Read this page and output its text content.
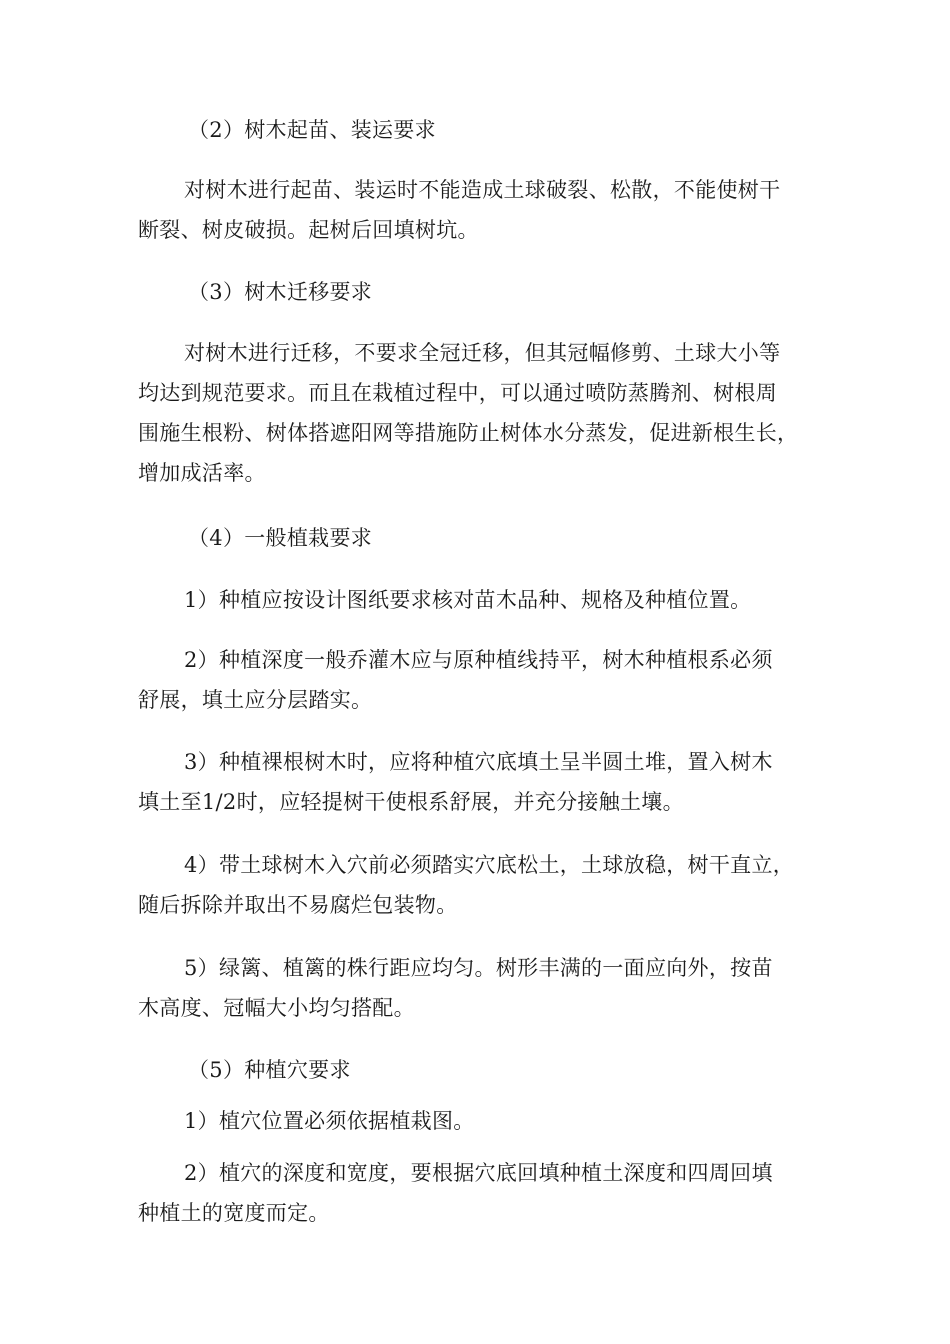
（2）树木起苗、装运要求
对树木进行起苗、装运时不能造成土球破裂、松散，不能使树干
断裂、树皮破损。起树后回填树坑。
（3）树木迁移要求
对树木进行迁移，不要求全冠迁移，但其冠幅修剪、土球大小等
均达到规范要求。而且在栽植过程中，可以通过喷防蒸腾剂、树根周
围施生根粉、树体搭遮阳网等措施防止树体水分蒸发，促进新根生长，
增加成活率。
（4）一般植栽要求
1）种植应按设计图纸要求核对苗木品种、规格及种植位置。
2）种植深度一般乔灌木应与原种植线持平，树木种植根系必须
舒展，填土应分层踏实。
3）种植裸根树木时，应将种植穴底填土呈半圆土堆，置入树木
填土至1/2时，应轻提树干使根系舒展，并充分接触土壤。
4）带土球树木入穴前必须踏实穴底松土，土球放稳，树干直立，
随后拆除并取出不易腐烂包装物。
5）绿篱、植篱的株行距应均匀。树形丰满的一面应向外，按苗
木高度、冠幅大小均匀搭配。
（5）种植穴要求
1）植穴位置必须依据植栽图。
2）植穴的深度和宽度，要根据穴底回填种植土深度和四周回填
种植土的宽度而定。
